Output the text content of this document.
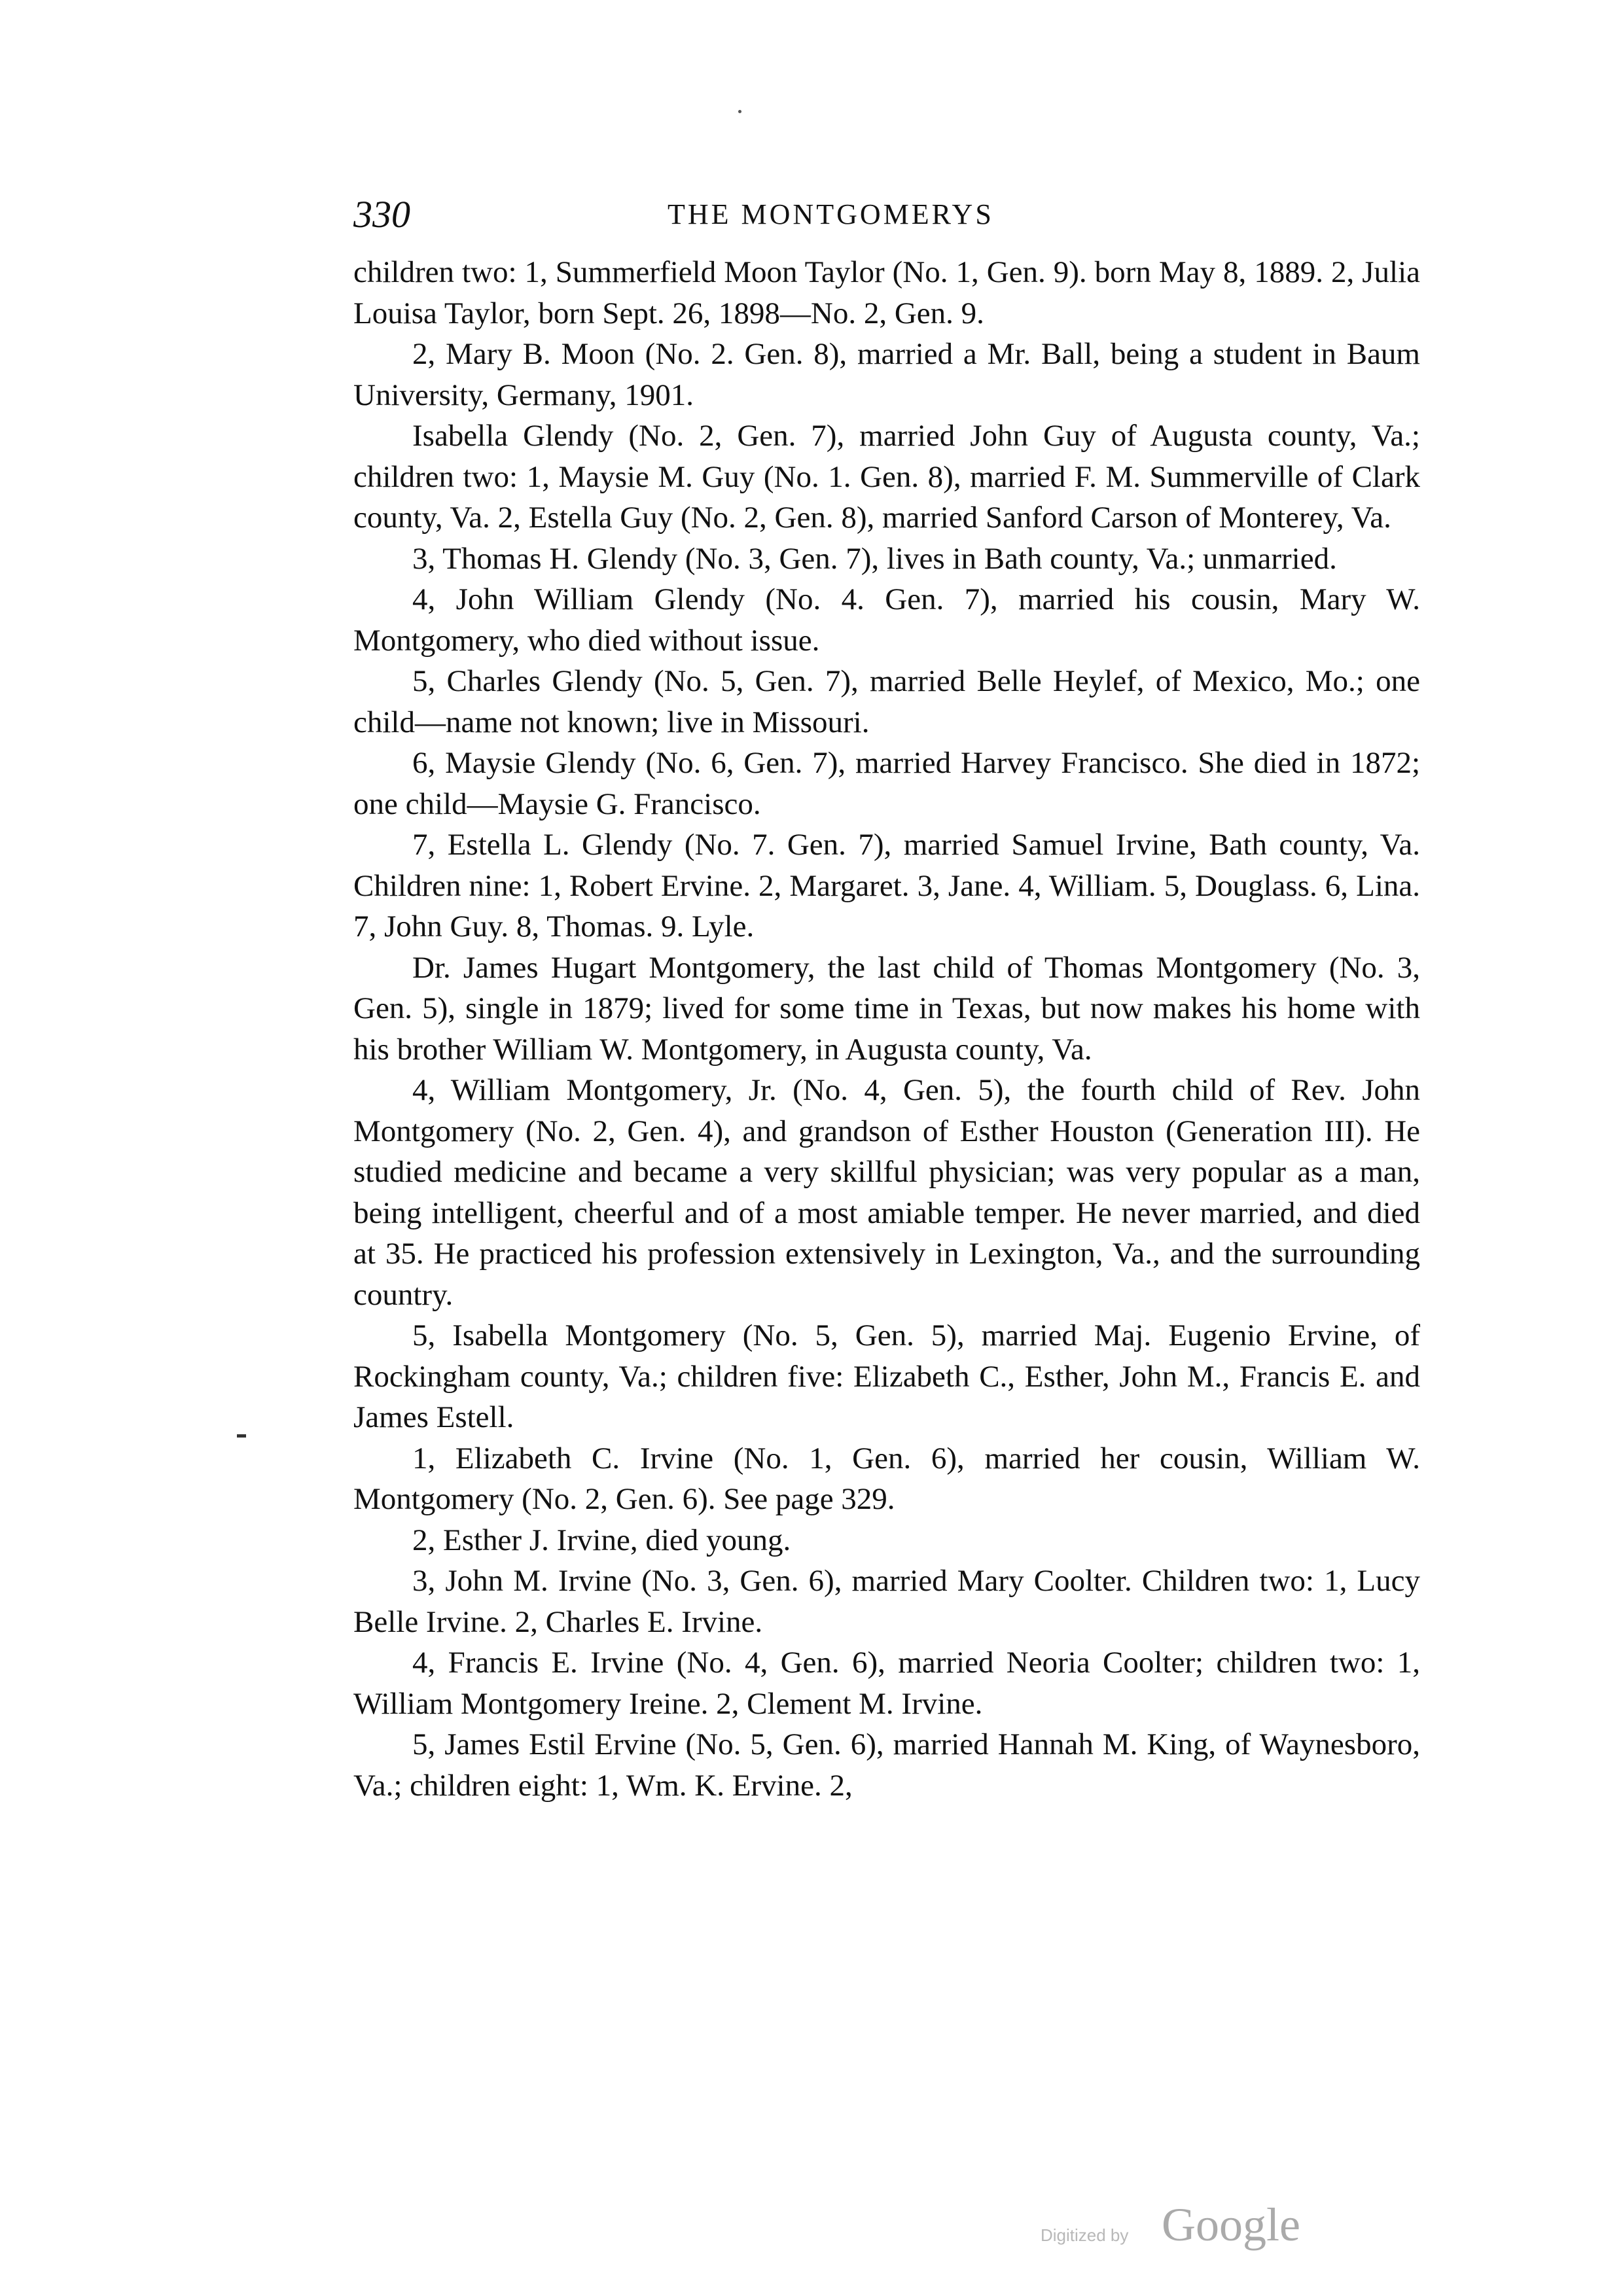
330	THE MONTGOMERYS

children two: 1, Summerfield Moon Taylor (No. 1, Gen. 9). born May 8, 1889. 2, Julia Louisa Taylor, born Sept. 26, 1898—No. 2, Gen. 9.

2, Mary B. Moon (No. 2. Gen. 8), married a Mr. Ball, being a student in Baum University, Germany, 1901.

Isabella Glendy (No. 2, Gen. 7), married John Guy of Augusta county, Va.; children two: 1, Maysie M. Guy (No. 1. Gen. 8), married F. M. Summerville of Clark county, Va. 2, Estella Guy (No. 2, Gen. 8), married Sanford Carson of Monterey, Va.

3, Thomas H. Glendy (No. 3, Gen. 7), lives in Bath county, Va.; unmarried.

4, John William Glendy (No. 4. Gen. 7), married his cousin, Mary W. Montgomery, who died without issue.

5, Charles Glendy (No. 5, Gen. 7), married Belle Heylef, of Mexico, Mo.; one child—name not known; live in Missouri.

6, Maysie Glendy (No. 6, Gen. 7), married Harvey Francisco. She died in 1872; one child—Maysie G. Francisco.

7, Estella L. Glendy (No. 7. Gen. 7), married Samuel Irvine, Bath county, Va. Children nine: 1, Robert Ervine. 2, Margaret. 3, Jane. 4, William. 5, Douglass. 6, Lina. 7, John Guy. 8, Thomas. 9. Lyle.

Dr. James Hugart Montgomery, the last child of Thomas Montgomery (No. 3, Gen. 5), single in 1879; lived for some time in Texas, but now makes his home with his brother William W. Montgomery, in Augusta county, Va.

4, William Montgomery, Jr. (No. 4, Gen. 5), the fourth child of Rev. John Montgomery (No. 2, Gen. 4), and grandson of Esther Houston (Generation III). He studied medicine and became a very skillful physician; was very popular as a man, being intelligent, cheerful and of a most amiable temper. He never married, and died at 35. He practiced his profession extensively in Lexington, Va., and the surrounding country.

5, Isabella Montgomery (No. 5, Gen. 5), married Maj. Eugenio Ervine, of Rockingham county, Va.; children five: Elizabeth C., Esther, John M., Francis E. and James Estell.

1, Elizabeth C. Irvine (No. 1, Gen. 6), married her cousin, William W. Montgomery (No. 2, Gen. 6). See page 329.

2, Esther J. Irvine, died young.

3, John M. Irvine (No. 3, Gen. 6), married Mary Coolter. Children two: 1, Lucy Belle Irvine. 2, Charles E. Irvine.

4, Francis E. Irvine (No. 4, Gen. 6), married Neoria Coolter; children two: 1, William Montgomery Ireine. 2, Clement M. Irvine.

5, James Estil Ervine (No. 5, Gen. 6), married Hannah M. King, of Waynesboro, Va.; children eight: 1, Wm. K. Ervine. 2,

Digitized by Google
